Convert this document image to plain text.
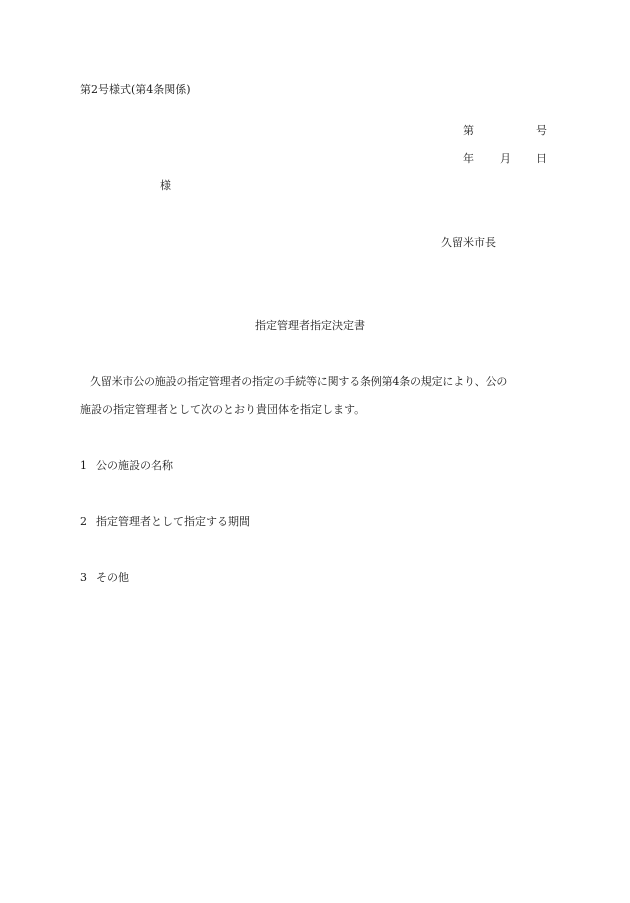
第2号様式(第4条関係)
第	号
年 月 日
様
久留米市長
指定管理者指定決定書
久留米市公の施設の指定管理者の指定の手続等に関する条例第4条の規定により、公の
施設の指定管理者として次のとおり貴団体を指定します。
1 公の施設の名称
2 指定管理者として指定する期間
3 その他
